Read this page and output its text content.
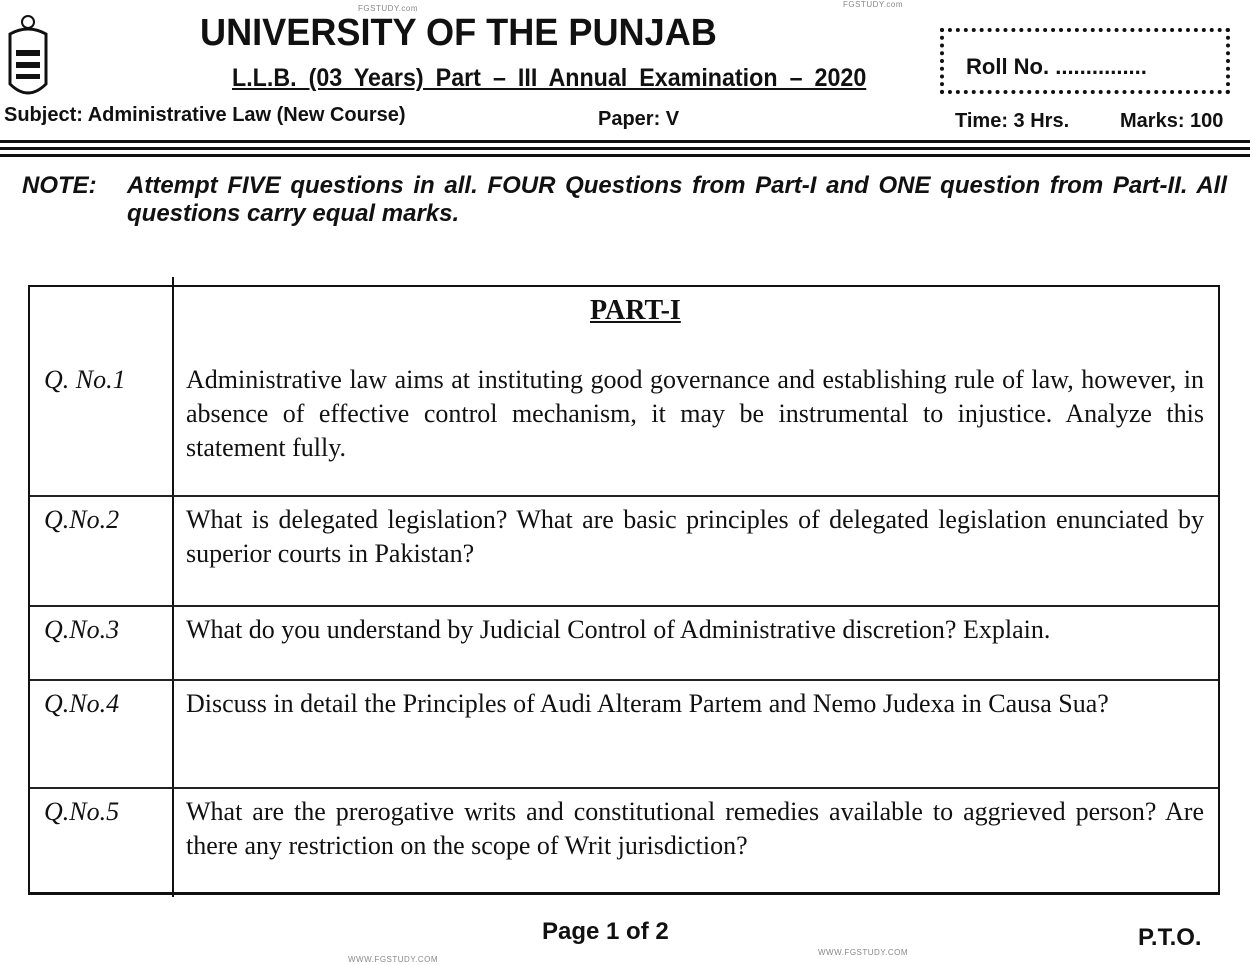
FGSTUDY.com	FGSTUDY.com
UNIVERSITY OF THE PUNJAB
L.L.B. (03 Years) Part – III Annual Examination – 2020	Roll No. ...............
Subject: Administrative Law (New Course)	Paper: V	Time: 3 Hrs.	Marks: 100
NOTE: Attempt FIVE questions in all. FOUR Questions from Part-I and ONE question from Part-II. All questions carry equal marks.
PART-I
Q. No.1 Administrative law aims at instituting good governance and establishing rule of law, however, in absence of effective control mechanism, it may be instrumental to injustice. Analyze this statement fully.
Q.No.2	What is delegated legislation? What are basic principles of delegated legislation enunciated by superior courts in Pakistan?
Q.No.3	What do you understand by Judicial Control of Administrative discretion? Explain.
Q.No.4	Discuss in detail the Principles of Audi Alteram Partem and Nemo Judexa in Causa Sua?
Q.No.5	What are the prerogative writs and constitutional remedies available to aggrieved person? Are there any restriction on the scope of Writ jurisdiction?
Page 1 of 2	P.T.O.
WWW.FGSTUDY.COM
WWW.FGSTUDY.COM
